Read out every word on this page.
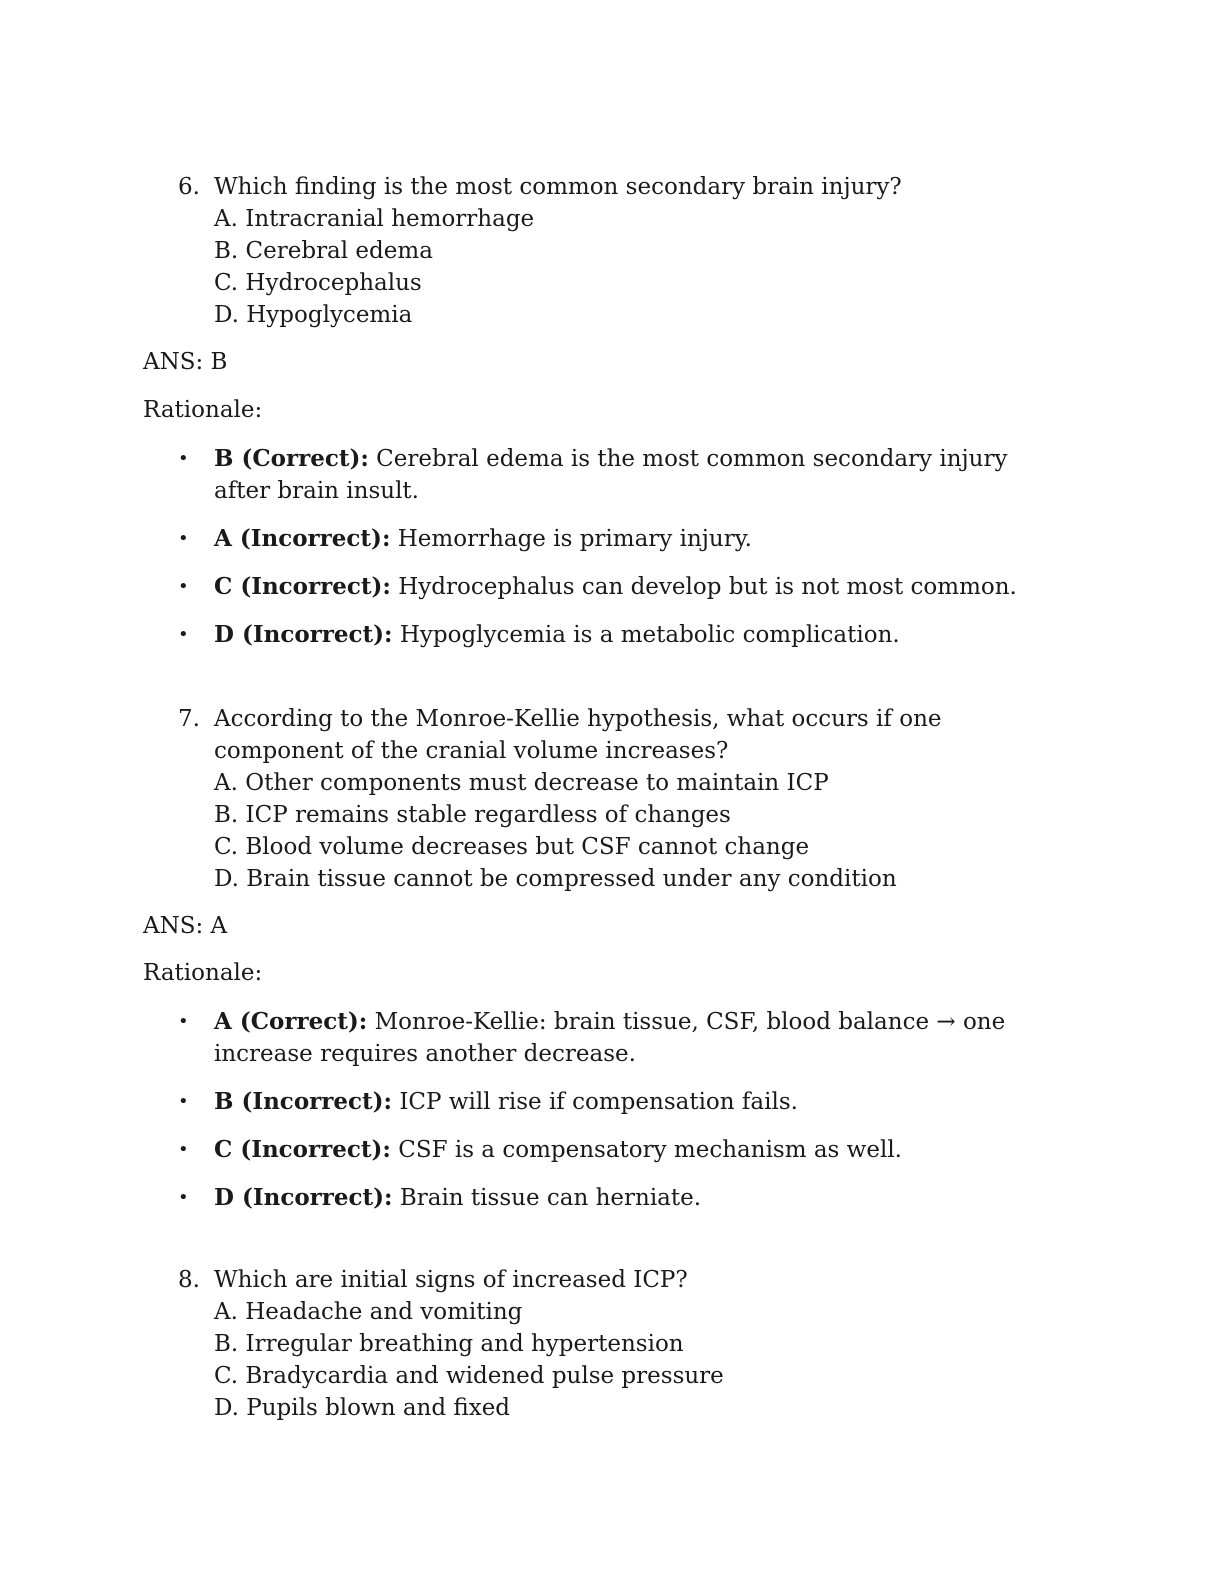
6. Which finding is the most common secondary brain injury?
A. Intracranial hemorrhage
B. Cerebral edema
C. Hydrocephalus
D. Hypoglycemia
ANS: B
Rationale:
• B (Correct): Cerebral edema is the most common secondary injury after brain insult.
• A (Incorrect): Hemorrhage is primary injury.
• C (Incorrect): Hydrocephalus can develop but is not most common.
• D (Incorrect): Hypoglycemia is a metabolic complication.
7. According to the Monroe-Kellie hypothesis, what occurs if one component of the cranial volume increases?
A. Other components must decrease to maintain ICP
B. ICP remains stable regardless of changes
C. Blood volume decreases but CSF cannot change
D. Brain tissue cannot be compressed under any condition
ANS: A
Rationale:
• A (Correct): Monroe-Kellie: brain tissue, CSF, blood balance → one increase requires another decrease.
• B (Incorrect): ICP will rise if compensation fails.
• C (Incorrect): CSF is a compensatory mechanism as well.
• D (Incorrect): Brain tissue can herniate.
8. Which are initial signs of increased ICP?
A. Headache and vomiting
B. Irregular breathing and hypertension
C. Bradycardia and widened pulse pressure
D. Pupils blown and fixed
